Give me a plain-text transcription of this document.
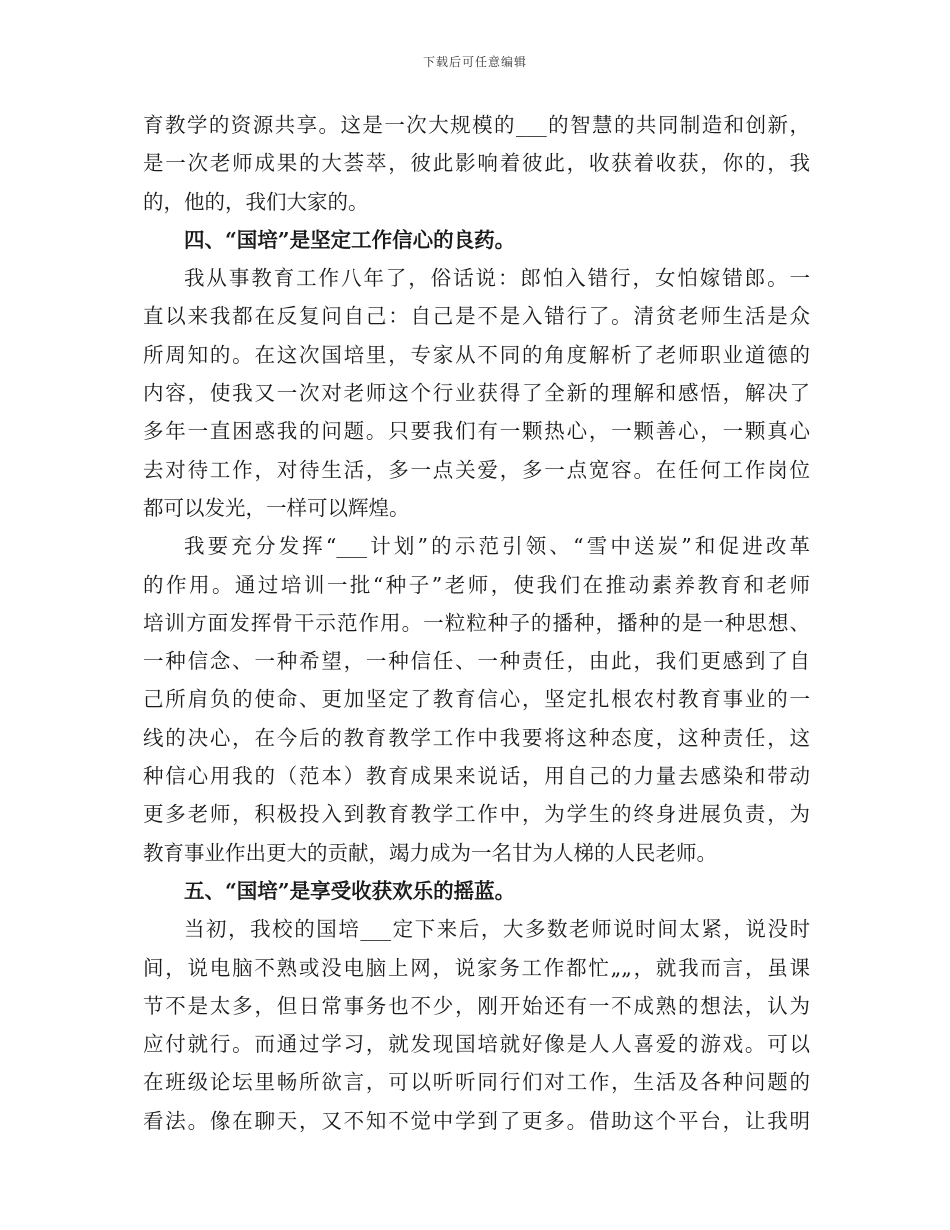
下载后可任意编辑
育教学的资源共享。这是一次大规模的___的智慧的共同制造和创新，
是一次老师成果的大荟萃，彼此影响着彼此，收获着收获，你的，我
的，他的，我们大家的。
四、“国培”是坚定工作信心的良药。
我从事教育工作八年了，俗话说：郎怕入错行，女怕嫁错郎。一
直以来我都在反复问自己：自己是不是入错行了。清贫老师生活是众
所周知的。在这次国培里，专家从不同的角度解析了老师职业道德的
内容，使我又一次对老师这个行业获得了全新的理解和感悟，解决了
多年一直困惑我的问题。只要我们有一颗热心，一颗善心，一颗真心
去对待工作，对待生活，多一点关爱，多一点宽容。在任何工作岗位
都可以发光，一样可以辉煌。
我要充分发挥“___计划”的示范引领、“雪中送炭”和促进改革
的作用。通过培训一批“种子”老师，使我们在推动素养教育和老师
培训方面发挥骨干示范作用。一粒粒种子的播种，播种的是一种思想、
一种信念、一种希望，一种信任、一种责任，由此，我们更感到了自
己所肩负的使命、更加坚定了教育信心，坚定扎根农村教育事业的一
线的决心，在今后的教育教学工作中我要将这种态度，这种责任，这
种信心用我的（范本）教育成果来说话，用自己的力量去感染和带动
更多老师，积极投入到教育教学工作中，为学生的终身进展负责，为
教育事业作出更大的贡献，竭力成为一名甘为人梯的人民老师。
五、“国培”是享受收获欢乐的摇蓝。
当初，我校的国培___定下来后，大多数老师说时间太紧，说没时
间，说电脑不熟或没电脑上网，说家务工作都忙„„，就我而言，虽课
节不是太多，但日常事务也不少，刚开始还有一不成熟的想法，认为
应付就行。而通过学习，就发现国培就好像是人人喜爱的游戏。可以
在班级论坛里畅所欲言，可以听听同行们对工作，生活及各种问题的
看法。像在聊天，又不知不觉中学到了更多。借助这个平台，让我明
